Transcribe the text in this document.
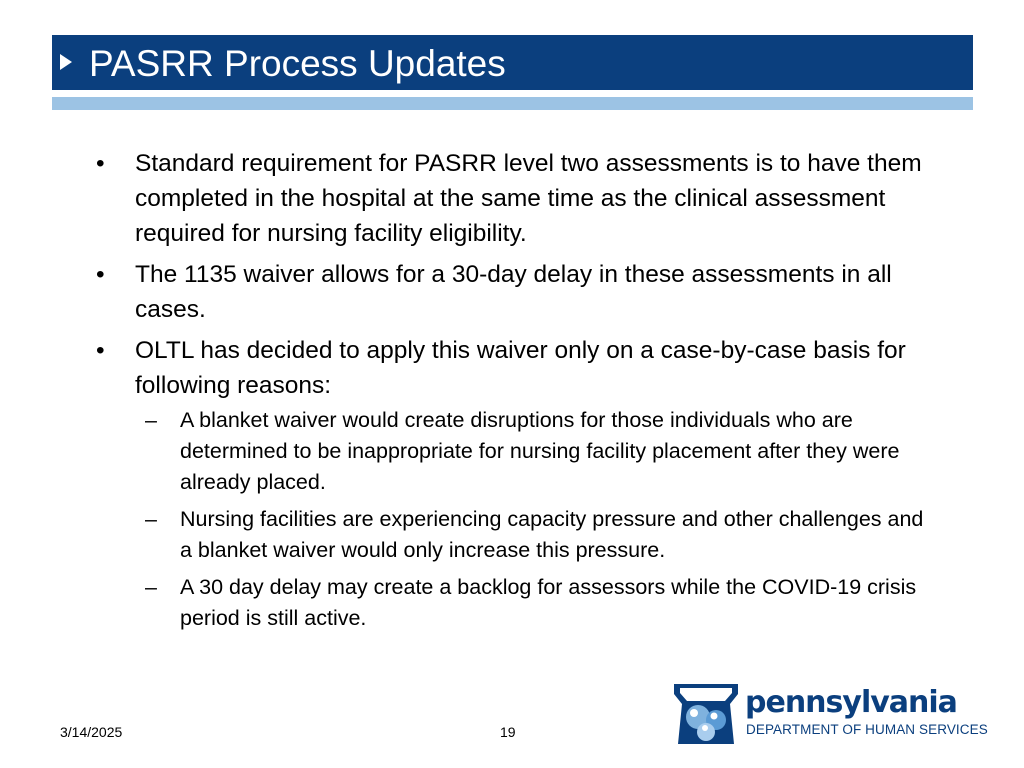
PASRR Process Updates
• Standard requirement for PASRR level two assessments is to have them completed in the hospital at the same time as the clinical assessment required for nursing facility eligibility.
• The 1135 waiver allows for a 30-day delay in these assessments in all cases.
• OLTL has decided to apply this waiver only on a case-by-case basis for following reasons:
– A blanket waiver would create disruptions for those individuals who are determined to be inappropriate for nursing facility placement after they were already placed.
– Nursing facilities are experiencing capacity pressure and other challenges and a blanket waiver would only increase this pressure.
– A 30 day delay may create a backlog for assessors while the COVID-19 crisis period is still active.
3/14/2025	19
pennsylvania
DEPARTMENT OF HUMAN SERVICES
